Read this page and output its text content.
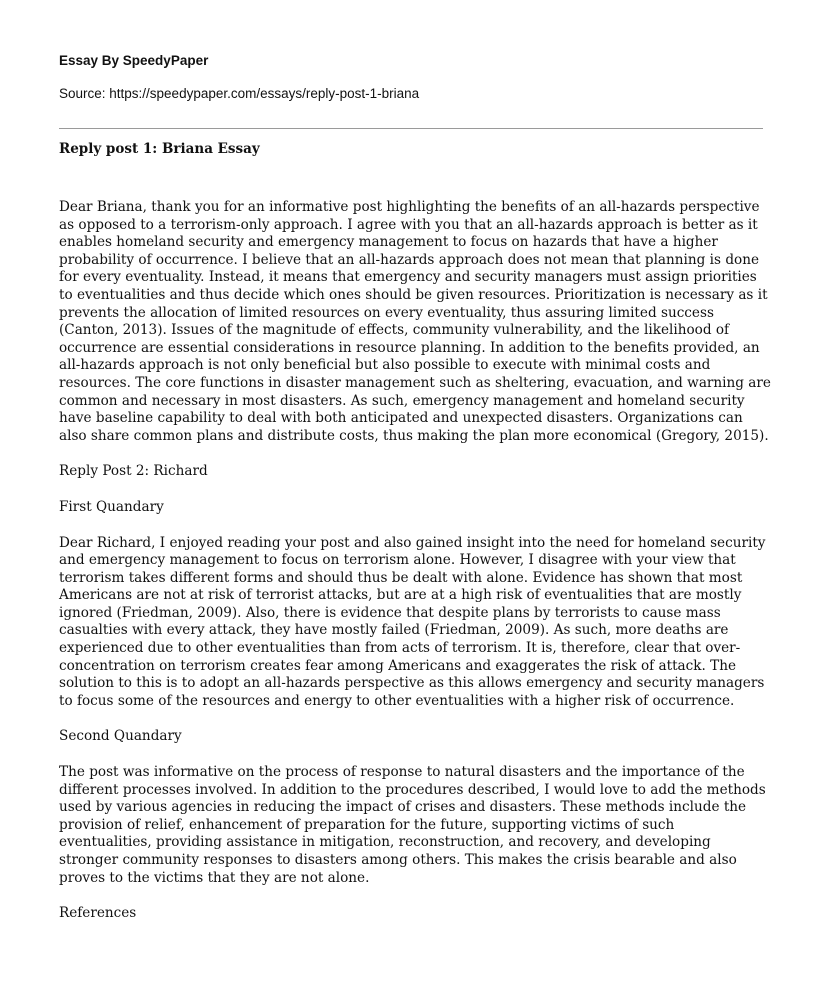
Essay By SpeedyPaper

Source: https://speedypaper.com/essays/reply-post-1-briana

Reply post 1: Briana Essay

Dear Briana, thank you for an informative post highlighting the benefits of an all-hazards perspective as opposed to a terrorism-only approach. I agree with you that an all-hazards approach is better as it enables homeland security and emergency management to focus on hazards that have a higher probability of occurrence. I believe that an all-hazards approach does not mean that planning is done for every eventuality. Instead, it means that emergency and security managers must assign priorities to eventualities and thus decide which ones should be given resources. Prioritization is necessary as it prevents the allocation of limited resources on every eventuality, thus assuring limited success (Canton, 2013). Issues of the magnitude of effects, community vulnerability, and the likelihood of occurrence are essential considerations in resource planning. In addition to the benefits provided, an all-hazards approach is not only beneficial but also possible to execute with minimal costs and resources. The core functions in disaster management such as sheltering, evacuation, and warning are common and necessary in most disasters. As such, emergency management and homeland security have baseline capability to deal with both anticipated and unexpected disasters. Organizations can also share common plans and distribute costs, thus making the plan more economical (Gregory, 2015).

Reply Post 2: Richard

First Quandary

Dear Richard, I enjoyed reading your post and also gained insight into the need for homeland security and emergency management to focus on terrorism alone. However, I disagree with your view that terrorism takes different forms and should thus be dealt with alone. Evidence has shown that most Americans are not at risk of terrorist attacks, but are at a high risk of eventualities that are mostly ignored (Friedman, 2009). Also, there is evidence that despite plans by terrorists to cause mass casualties with every attack, they have mostly failed (Friedman, 2009). As such, more deaths are experienced due to other eventualities than from acts of terrorism. It is, therefore, clear that over-concentration on terrorism creates fear among Americans and exaggerates the risk of attack. The solution to this is to adopt an all-hazards perspective as this allows emergency and security managers to focus some of the resources and energy to other eventualities with a higher risk of occurrence.

Second Quandary

The post was informative on the process of response to natural disasters and the importance of the different processes involved. In addition to the procedures described, I would love to add the methods used by various agencies in reducing the impact of crises and disasters. These methods include the provision of relief, enhancement of preparation for the future, supporting victims of such eventualities, providing assistance in mitigation, reconstruction, and recovery, and developing stronger community responses to disasters among others. This makes the crisis bearable and also proves to the victims that they are not alone.

References
